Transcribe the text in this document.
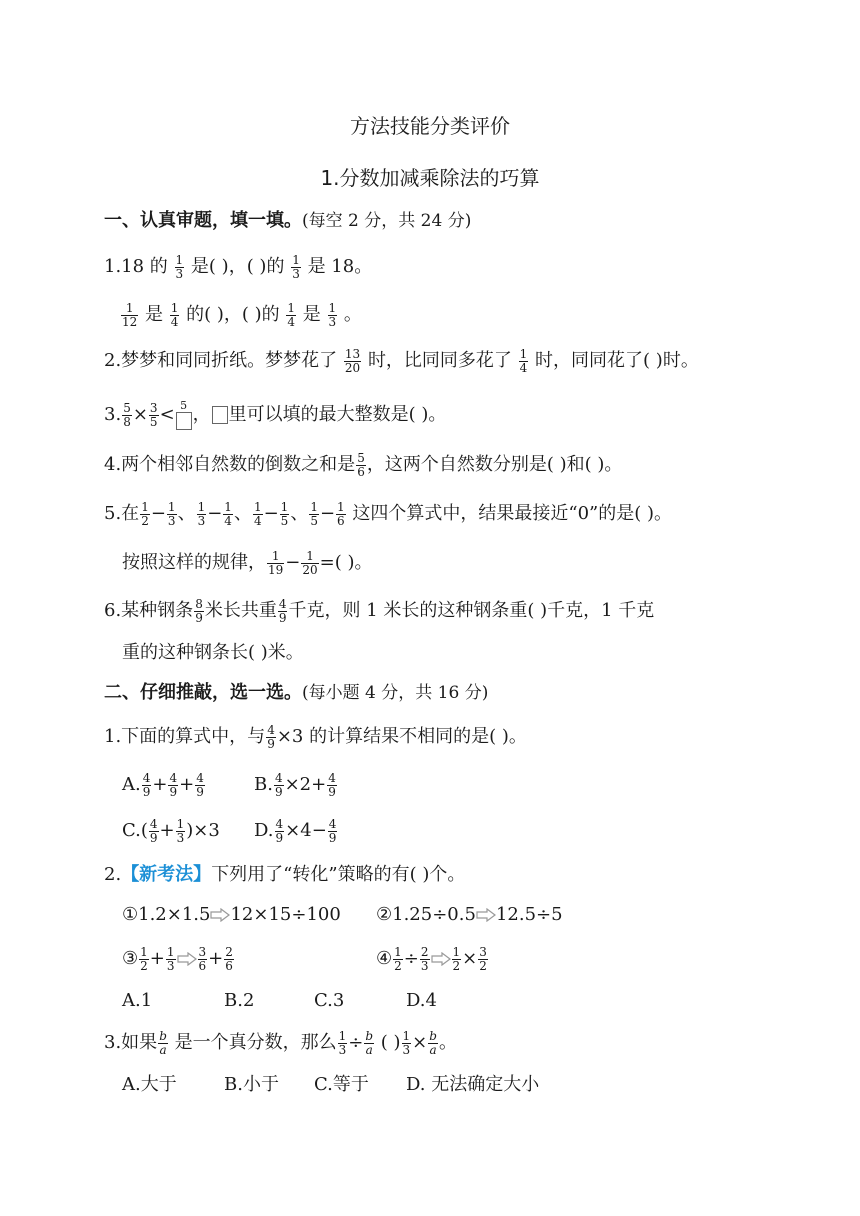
方法技能分类评价
1.分数加减乘除法的巧算
一、认真审题，填一填。(每空 2 分，共 24 分)
1.18 的 $\frac{1}{3}$ 是( )，( )的 $\frac{1}{3}$ 是 18。
$\frac{1}{12}$ 是 $\frac{1}{4}$ 的( )，( )的 $\frac{1}{4}$ 是 $\frac{1}{3}$ 。
2.梦梦和同同折纸。梦梦花了 $\frac{13}{20}$ 时，比同同多花了 $\frac{1}{4}$ 时，同同花了( )时。
3. $\frac{5}{8} \times \frac{3}{5} < 5$ ， 里可以填的最大整数是( )。
4.两个相邻自然数的倒数之和是 $\frac{5}{6}$ ，这两个自然数分别是( )和( )。
5.在 $\frac{1}{2} - \frac{1}{3}$ 、 $\frac{1}{3} - \frac{1}{4}$ 、 $\frac{1}{4} - \frac{1}{5}$ 、 $\frac{1}{5} - \frac{1}{6}$ 这四个算式中，结果最接近“0”的是( )。
按照这样的规律， $\frac{1}{19} - \frac{1}{20}$ =( )。
6.某种钢条 $\frac{8}{9}$ 米长共重 $\frac{4}{9}$ 千克，则 1 米长的这种钢条重( )千克，1 千克
重的这种钢条长( )米。
二、仔细推敲，选一选。(每小题 4 分，共 16 分)
1.下面的算式中，与 $\frac{4}{9} \times 3$ 的计算结果不相同的是( )。
A. $\frac{4}{9} + \frac{4}{9} + \frac{4}{9}$	B. $\frac{4}{9} \times 2+ \frac{4}{9}$
$C.( \frac{4}{9} + \frac{1}{3} )\times 3$ D. $\frac{4}{9} \times 4- \frac{4}{9}$
2.【新考法】下列用了“转化”策略的有( )个。
①1.2×1.5 12×15÷100 ②1.25÷0.5 12.5÷5
③ $\frac{1}{2} + \frac{1}{3} \frac{3}{6} + \frac{2}{6}$	④ $\frac{1}{2} \div \frac{2}{3} \frac{1}{2} \times \frac{3}{2}$
A.1	B.2	C.3	D.4
3.如果 $\frac{b}{a}$ 是一个真分数，那么 $\frac{1}{3} \div \frac{b}{a}$ ( ) $\frac{1}{3} \times \frac{b}{a}$ 。
A.大于	B.小于 C.等于 D. 无法确定大小
